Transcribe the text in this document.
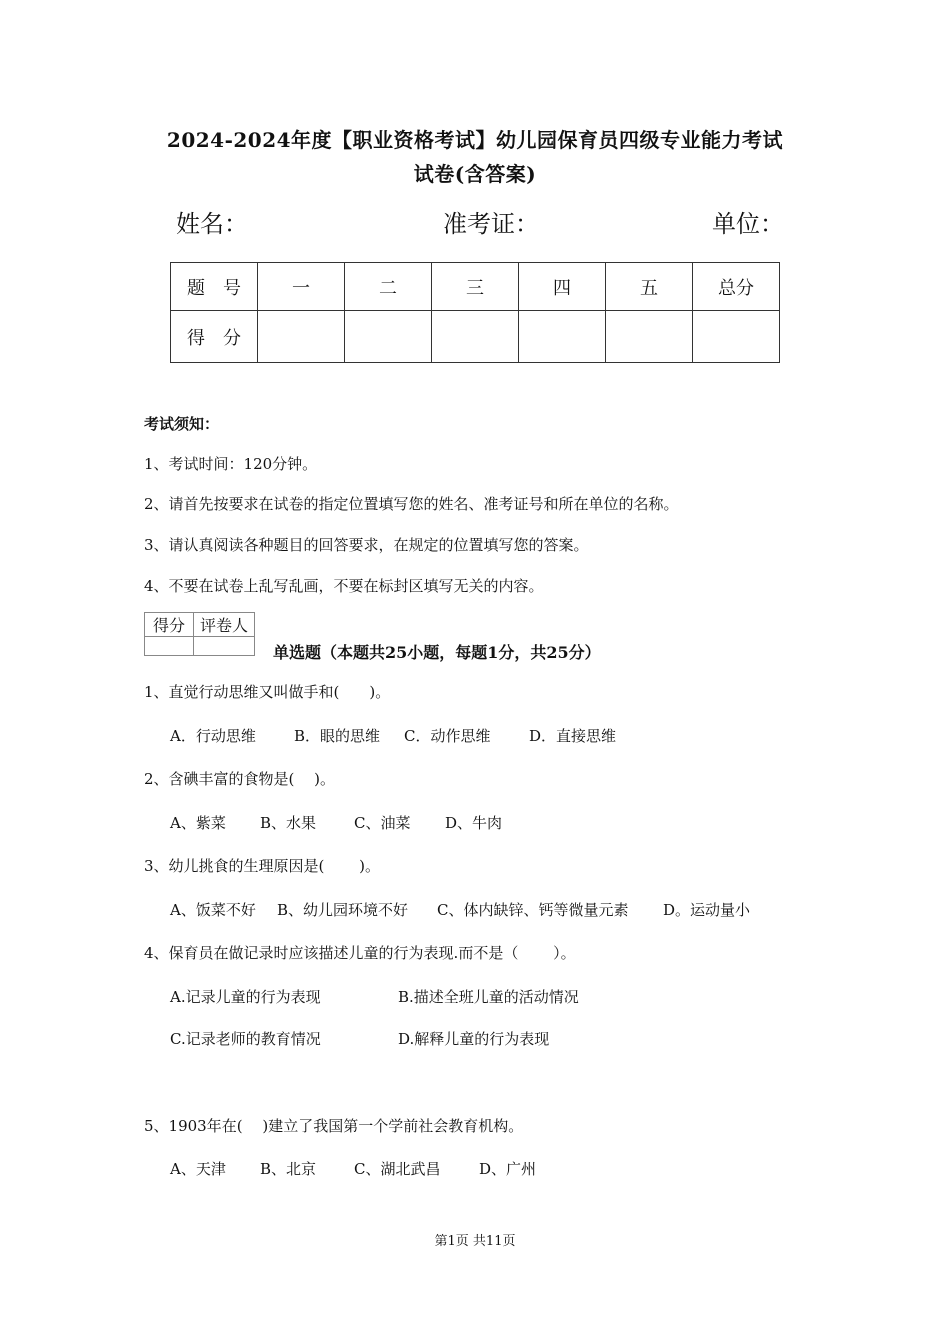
2024-2024年度【职业资格考试】幼儿园保育员四级专业能力考试
试卷(含答案)
姓名：	准考证：	单位：
题　号	一	二	三	四	五	总分
得　分						
考试须知：
1、考试时间：120分钟。
2、请首先按要求在试卷的指定位置填写您的姓名、准考证号和所在单位的名称。
3、请认真阅读各种题目的回答要求，在规定的位置填写您的答案。
4、不要在试卷上乱写乱画，不要在标封区填写无关的内容。
得分	评卷人

单选题（本题共25小题，每题1分，共25分）
1、直觉行动思维又叫做手和(　　)。
A．行动思维	B．眼的思维 C．动作思维	D．直接思维
2、含碘丰富的食物是(　 )。
A、紫菜 B、水果	C、油菜 D、牛肉
3、幼儿挑食的生理原因是(　　 )。
A、饭菜不好 B、幼儿园环境不好 C、体内缺锌、钙等微量元素 D。运动量小
4、保育员在做记录时应该描述儿童的行为表现.而不是（　　 ）。
A.记录儿童的行为表现	B.描述全班儿童的活动情况
C.记录老师的教育情况	D.解释儿童的行为表现
5、1903年在(　 )建立了我国第一个学前社会教育机构。
A、天津 B、北京	C、湖北武昌	D、广州
第1页 共11页
